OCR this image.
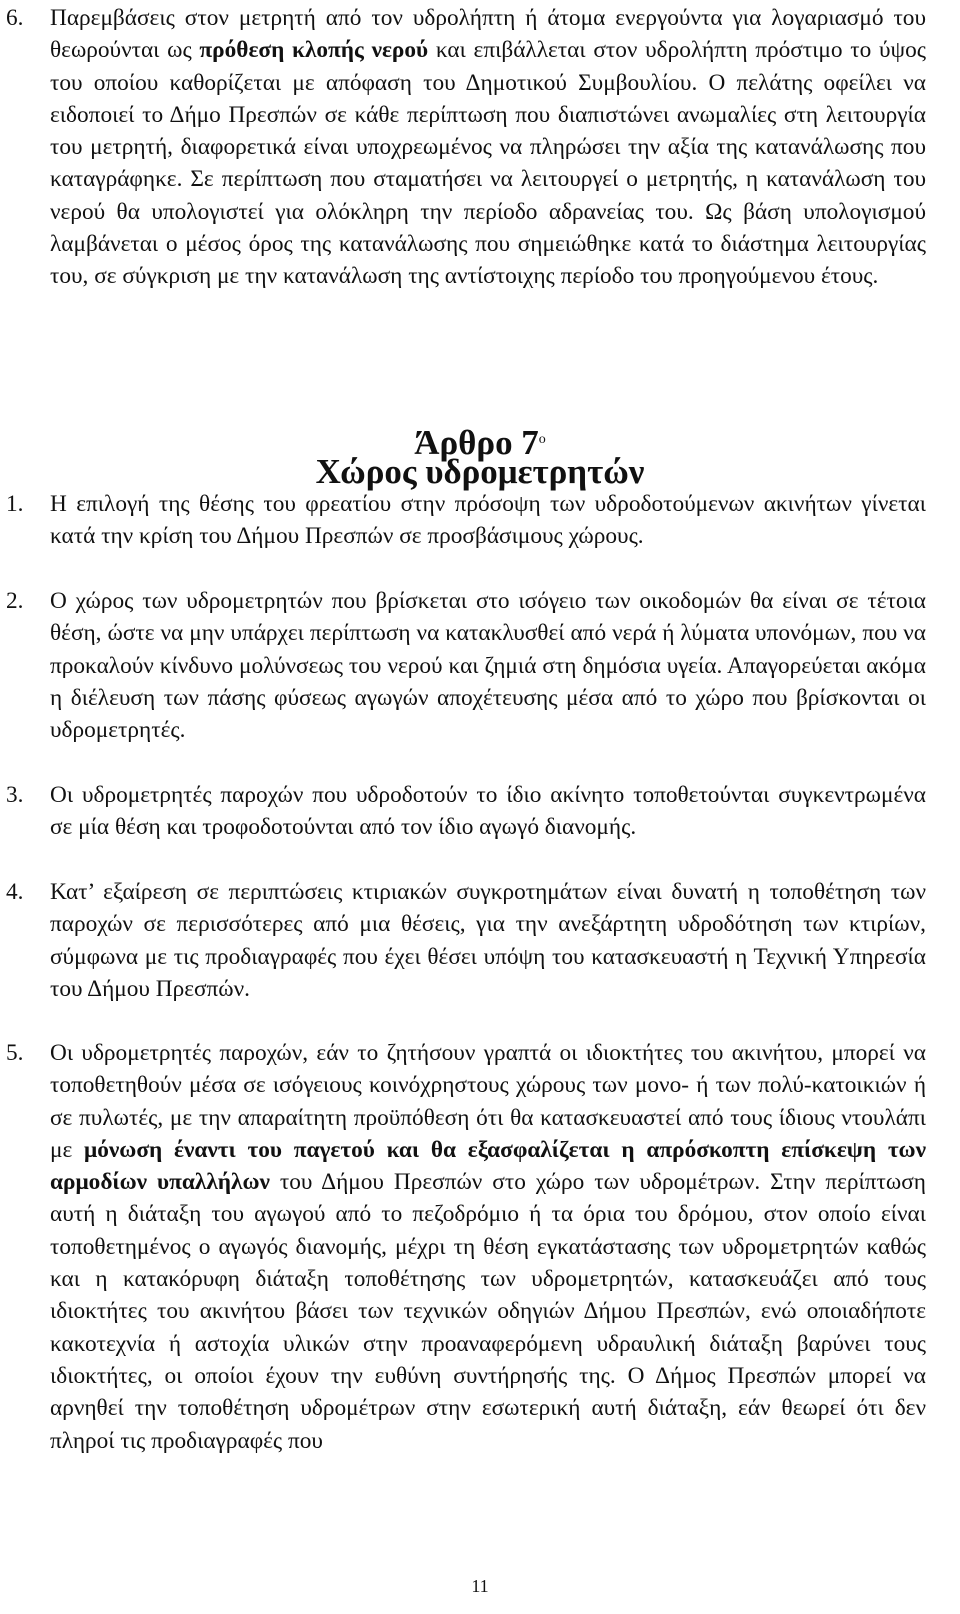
6. Παρεμβάσεις στον μετρητή από τον υδρολήπτη ή άτομα ενεργούντα για λογαριασμό του θεωρούνται ως πρόθεση κλοπής νερού και επιβάλλεται στον υδρολήπτη πρόστιμο το ύψος του οποίου καθορίζεται με απόφαση του Δημοτικού Συμβουλίου. Ο πελάτης οφείλει να ειδοποιεί το Δήμο Πρεσπών σε κάθε περίπτωση που διαπιστώνει ανωμαλίες στη λειτουργία του μετρητή, διαφορετικά είναι υποχρεωμένος να πληρώσει την αξία της κατανάλωσης που καταγράφηκε. Σε περίπτωση που σταματήσει να λειτουργεί ο μετρητής, η κατανάλωση του νερού θα υπολογιστεί για ολόκληρη την περίοδο αδρανείας του. Ως βάση υπολογισμού λαμβάνεται ο μέσος όρος της κατανάλωσης που σημειώθηκε κατά το διάστημα λειτουργίας του, σε σύγκριση με την κατανάλωση της αντίστοιχης περίοδο του προηγούμενου έτους.

Άρθρο $7^o$
Χώρος υδρομετρητών

1. Η επιλογή της θέσης του φρεατίου στην πρόσοψη των υδροδοτούμενων ακινήτων γίνεται κατά την κρίση του Δήμου Πρεσπών σε προσβάσιμους χώρους.

2. Ο χώρος των υδρομετρητών που βρίσκεται στο ισόγειο των οικοδομών θα είναι σε τέτοια θέση, ώστε να μην υπάρχει περίπτωση να κατακλυσθεί από νερά ή λύματα υπονόμων, που να προκαλούν κίνδυνο μολύνσεως του νερού και ζημιά στη δημόσια υγεία. Απαγορεύεται ακόμα η διέλευση των πάσης φύσεως αγωγών αποχέτευσης μέσα από το χώρο που βρίσκονται οι υδρομετρητές.

3. Οι υδρομετρητές παροχών που υδροδοτούν το ίδιο ακίνητο τοποθετούνται συγκεντρωμένα σε μία θέση και τροφοδοτούνται από τον ίδιο αγωγό διανομής.

4. Κατ’ εξαίρεση σε περιπτώσεις κτιριακών συγκροτημάτων είναι δυνατή η τοποθέτηση των παροχών σε περισσότερες από μια θέσεις, για την ανεξάρτητη υδροδότηση των κτιρίων, σύμφωνα με τις προδιαγραφές που έχει θέσει υπόψη του κατασκευαστή η Τεχνική Υπηρεσία του Δήμου Πρεσπών.

5. Οι υδρομετρητές παροχών, εάν το ζητήσουν γραπτά οι ιδιοκτήτες του ακινήτου, μπορεί να τοποθετηθούν μέσα σε ισόγειους κοινόχρηστους χώρους των μονο- ή των πολύ-κατοικιών ή σε πυλωτές, με την απαραίτητη προϋπόθεση ότι θα κατασκευαστεί από τους ίδιους ντουλάπι με μόνωση έναντι του παγετού και θα εξασφαλίζεται η απρόσκοπτη επίσκεψη των αρμοδίων υπαλλήλων του Δήμου Πρεσπών στο χώρο των υδρομέτρων. Στην περίπτωση αυτή η διάταξη του αγωγού από το πεζοδρόμιο ή τα όρια του δρόμου, στον οποίο είναι τοποθετημένος ο αγωγός διανομής, μέχρι τη θέση εγκατάστασης των υδρομετρητών καθώς και η κατακόρυφη διάταξη τοποθέτησης των υδρομετρητών, κατασκευάζει από τους ιδιοκτήτες του ακινήτου βάσει των τεχνικών οδηγιών Δήμου Πρεσπών, ενώ οποιαδήποτε κακοτεχνία ή αστοχία υλικών στην προαναφερόμενη υδραυλική διάταξη βαρύνει τους ιδιοκτήτες, οι οποίοι έχουν την ευθύνη συντήρησής της. Ο Δήμος Πρεσπών μπορεί να αρνηθεί την τοποθέτηση υδρομέτρων στην εσωτερική αυτή διάταξη, εάν θεωρεί ότι δεν πληροί τις προδιαγραφές που

11
